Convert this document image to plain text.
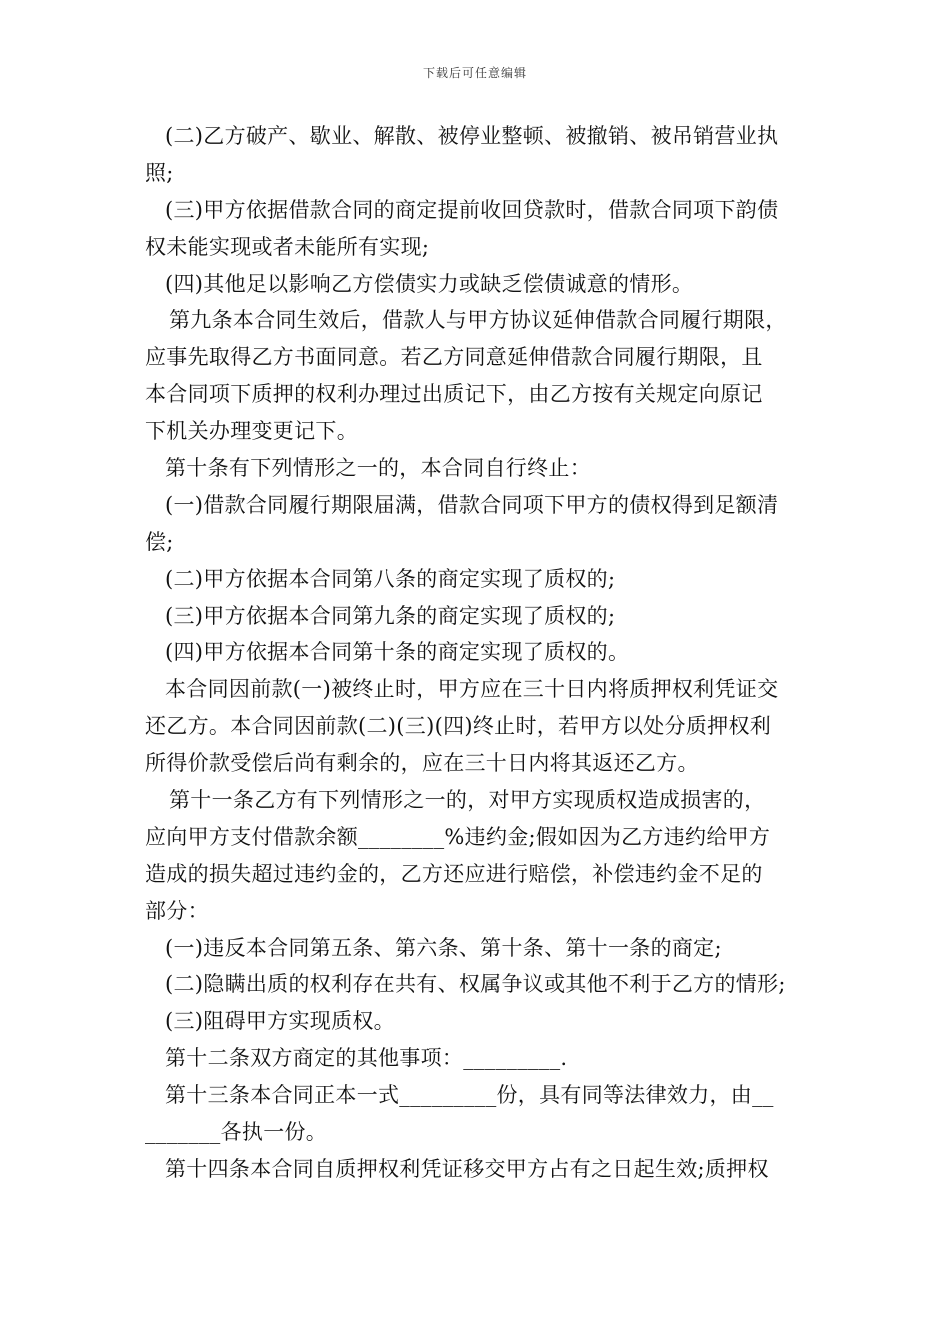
下载后可任意编辑
(二)乙方破产、歇业、解散、被停业整顿、被撤销、被吊销营业执
照;
(三)甲方依据借款合同的商定提前收回贷款时，借款合同项下韵债
权未能实现或者未能所有实现;
(四)其他足以影响乙方偿债实力或缺乏偿债诚意的情形。
第九条本合同生效后，借款人与甲方协议延伸借款合同履行期限，
应事先取得乙方书面同意。若乙方同意延伸借款合同履行期限，且
本合同项下质押的权利办理过出质记下，由乙方按有关规定向原记
下机关办理变更记下。
第十条有下列情形之一的，本合同自行终止：
(一)借款合同履行期限届满，借款合同项下甲方的债权得到足额清
偿;
(二)甲方依据本合同第八条的商定实现了质权的;
(三)甲方依据本合同第九条的商定实现了质权的;
(四)甲方依据本合同第十条的商定实现了质权的。
本合同因前款(一)被终止时，甲方应在三十日内将质押权利凭证交
还乙方。本合同因前款(二)(三)(四)终止时，若甲方以处分质押权利
所得价款受偿后尚有剩余的，应在三十日内将其返还乙方。
第十一条乙方有下列情形之一的，对甲方实现质权造成损害的，
应向甲方支付借款余额________%违约金;假如因为乙方违约给甲方
造成的损失超过违约金的，乙方还应进行赔偿，补偿违约金不足的
部分：
(一)违反本合同第五条、第六条、第十条、第十一条的商定;
(二)隐瞒出质的权利存在共有、权属争议或其他不利于乙方的情形;
(三)阻碍甲方实现质权。
第十二条双方商定的其他事项：_________.
第十三条本合同正本一式_________份，具有同等法律效力，由__
_______各执一份。
第十四条本合同自质押权利凭证移交甲方占有之日起生效;质押权
